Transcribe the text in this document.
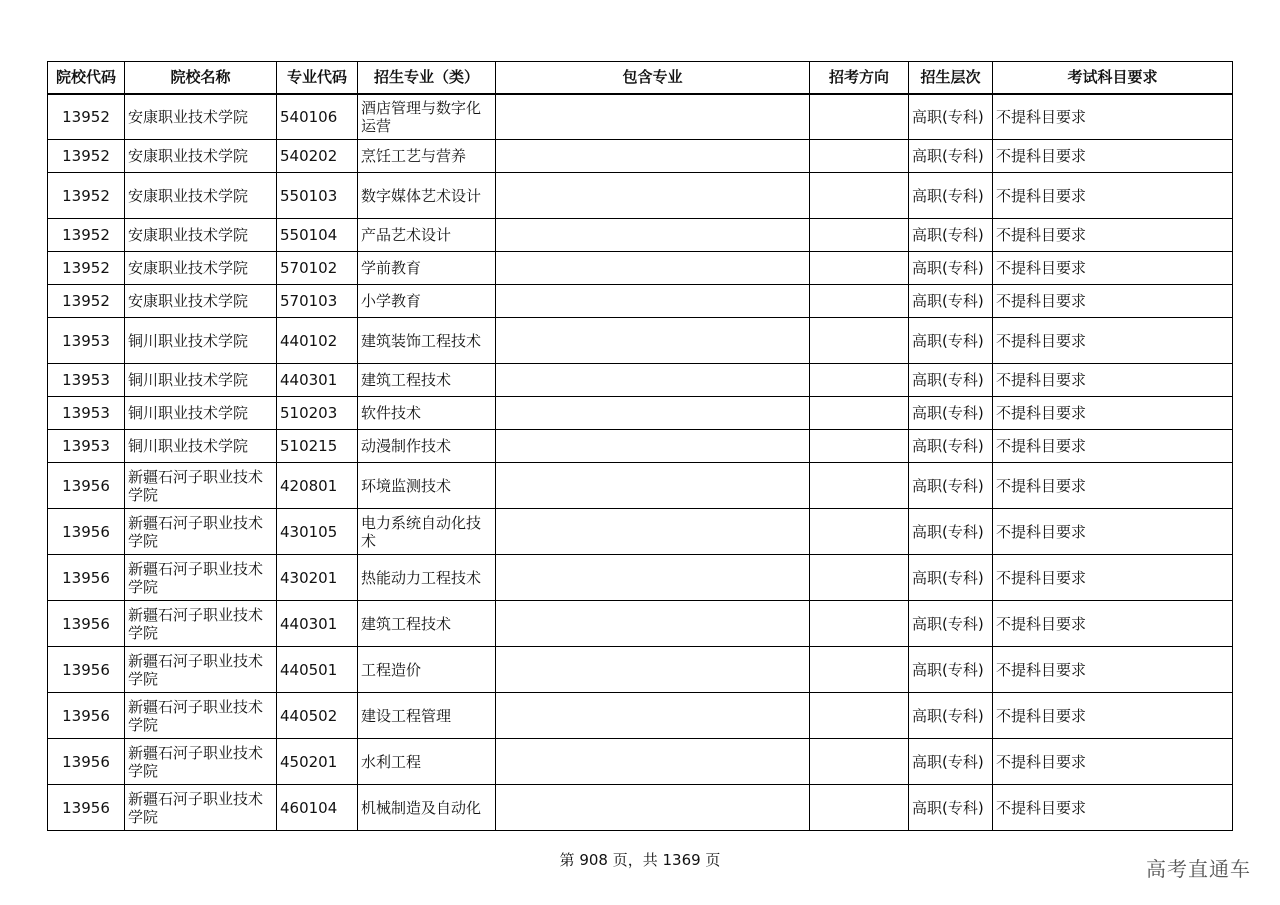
院校代码	院校名称	专业代码	招生专业（类）	包含专业	招考方向	招生层次	考试科目要求
13952	安康职业技术学院	540106	酒店管理与数字化运营			高职(专科)	不提科目要求
13952	安康职业技术学院	540202	烹饪工艺与营养			高职(专科)	不提科目要求
13952	安康职业技术学院	550103	数字媒体艺术设计			高职(专科)	不提科目要求
13952	安康职业技术学院	550104	产品艺术设计			高职(专科)	不提科目要求
13952	安康职业技术学院	570102	学前教育			高职(专科)	不提科目要求
13952	安康职业技术学院	570103	小学教育			高职(专科)	不提科目要求
13953	铜川职业技术学院	440102	建筑装饰工程技术			高职(专科)	不提科目要求
13953	铜川职业技术学院	440301	建筑工程技术			高职(专科)	不提科目要求
13953	铜川职业技术学院	510203	软件技术			高职(专科)	不提科目要求
13953	铜川职业技术学院	510215	动漫制作技术			高职(专科)	不提科目要求
13956	新疆石河子职业技术学院	420801	环境监测技术			高职(专科)	不提科目要求
13956	新疆石河子职业技术学院	430105	电力系统自动化技术			高职(专科)	不提科目要求
13956	新疆石河子职业技术学院	430201	热能动力工程技术			高职(专科)	不提科目要求
13956	新疆石河子职业技术学院	440301	建筑工程技术			高职(专科)	不提科目要求
13956	新疆石河子职业技术学院	440501	工程造价			高职(专科)	不提科目要求
13956	新疆石河子职业技术学院	440502	建设工程管理			高职(专科)	不提科目要求
13956	新疆石河子职业技术学院	450201	水利工程			高职(专科)	不提科目要求
13956	新疆石河子职业技术学院	460104	机械制造及自动化			高职(专科)	不提科目要求
第 908 页，共 1369 页	高考直通车
